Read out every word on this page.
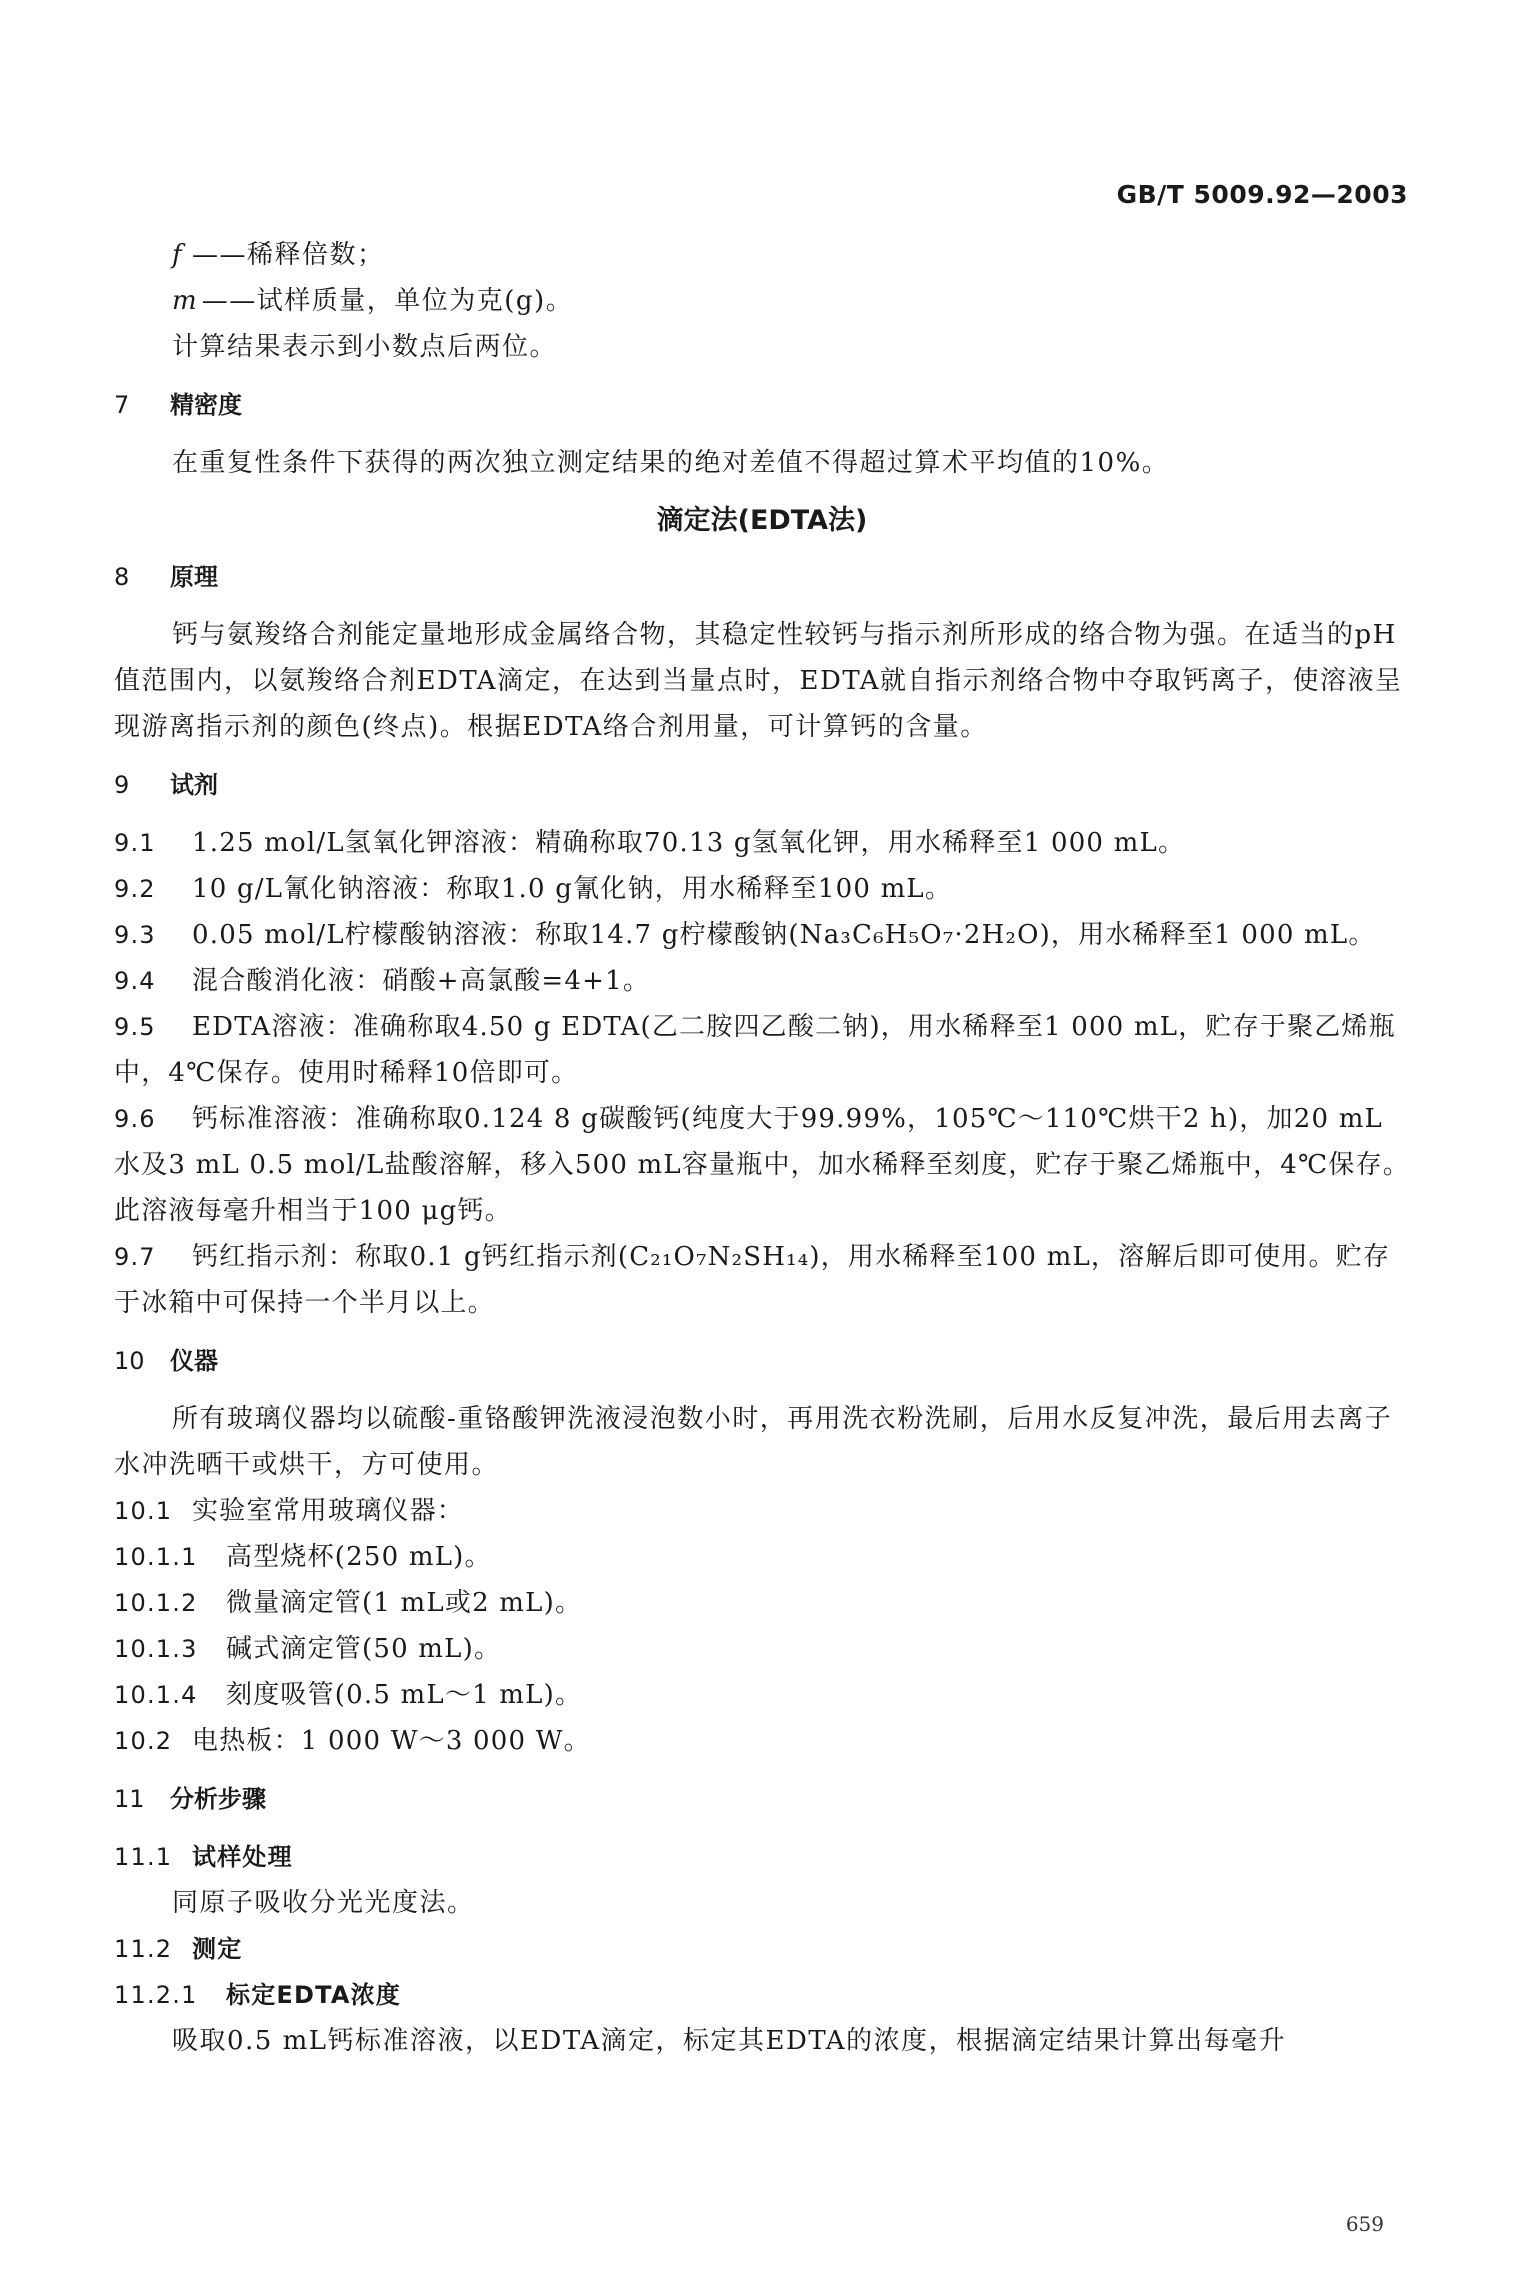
GB/T 5009.92—2003
f ——稀释倍数；
m ——试样质量，单位为克(g)。

计算结果表示到小数点后两位。

7 精密度

在重复性条件下获得的两次独立测定结果的绝对差值不得超过算术平均值的10%。

滴定法(EDTA法)
8 原理

钙与氨羧络合剂能定量地形成金属络合物，其稳定性较钙与指示剂所形成的络合物为强。在适当的pH值范围内，以氨羧络合剂EDTA滴定，在达到当量点时，EDTA就自指示剂络合物中夺取钙离子，使溶液呈现游离指示剂的颜色(终点)。根据EDTA络合剂用量，可计算钙的含量。

9 试剂

9.1 1.25 mol/L氢氧化钾溶液：精确称取70.13 g氢氧化钾，用水稀释至1 000 mL。

9.2 10 g/L氰化钠溶液：称取1.0 g氰化钠，用水稀释至100 mL。

9.3 0.05 mol/L柠檬酸钠溶液：称取14.7 g柠檬酸钠(Na₃C₆H₅O₇·2H₂O)，用水稀释至1 000 mL。

9.4 混合酸消化液：硝酸+高氯酸=4+1。

9.5 EDTA溶液：准确称取4.50 g EDTA(乙二胺四乙酸二钠)，用水稀释至1 000 mL，贮存于聚乙烯瓶中，4℃保存。使用时稀释10倍即可。

9.6 钙标准溶液：准确称取0.124 8 g碳酸钙(纯度大于99.99%，105℃～110℃烘干2 h)，加20 mL水及3 mL 0.5 mol/L盐酸溶解，移入500 mL容量瓶中，加水稀释至刻度，贮存于聚乙烯瓶中，4℃保存。此溶液每毫升相当于100 μg钙。

9.7 钙红指示剂：称取0.1 g钙红指示剂(C₂₁O₇N₂SH₁₄)，用水稀释至100 mL，溶解后即可使用。贮存于冰箱中可保持一个半月以上。

10 仪器

所有玻璃仪器均以硫酸-重铬酸钾洗液浸泡数小时，再用洗衣粉洗刷，后用水反复冲洗，最后用去离子水冲洗晒干或烘干，方可使用。

10.1 实验室常用玻璃仪器：

10.1.1 高型烧杯(250 mL)。

10.1.2 微量滴定管(1 mL或2 mL)。

10.1.3 碱式滴定管(50 mL)。

10.1.4 刻度吸管(0.5 mL～1 mL)。

10.2 电热板：1 000 W～3 000 W。

11 分析步骤

11.1 试样处理

同原子吸收分光光度法。

11.2 测定

11.2.1 标定EDTA浓度

吸取0.5 mL钙标准溶液，以EDTA滴定，标定其EDTA的浓度，根据滴定结果计算出每毫升

659
